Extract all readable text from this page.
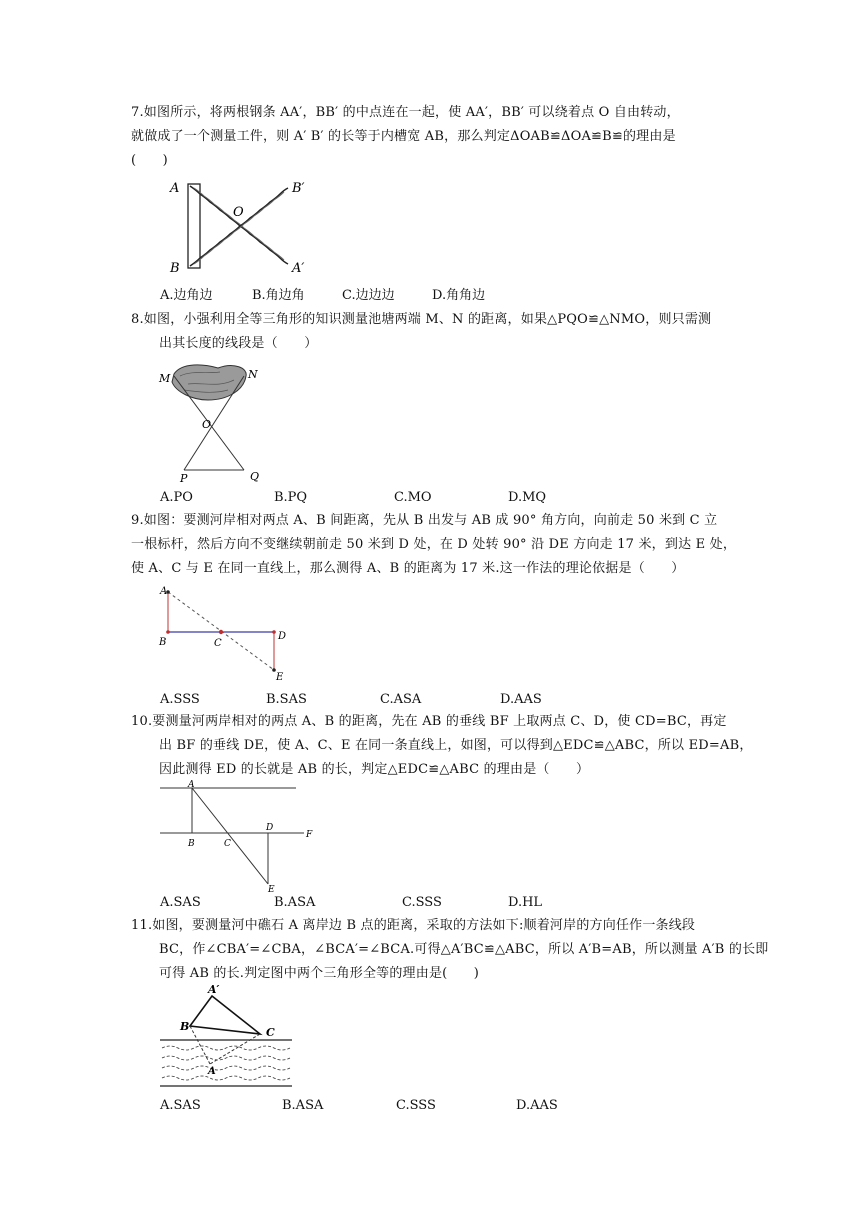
7.如图所示，将两根钢条 AA′，BB′ 的中点连在一起，使 AA′，BB′ 可以绕着点 O 自由转动，
就做成了一个测量工件，则 A′ B′ 的长等于内槽宽 AB，那么判定ΔOAB≌ΔOA≌B≌的理由是
(　　)
A
B
O
B′
A′
A.边角边	B.角边角	C.边边边	D.角角边
8.如图，小强利用全等三角形的知识测量池塘两端 M、N 的距离，如果△PQO≌△NMO，则只需测
出其长度的线段是（　　）
M	N
O
P	Q
A.PO	B.PQ	C.MO	D.MQ
9.如图：要测河岸相对两点 A、B 间距离，先从 B 出发与 AB 成 90° 角方向，向前走 50 米到 C 立
一根标杆，然后方向不变继续朝前走 50 米到 D 处，在 D 处转 90° 沿 DE 方向走 17 米，到达 E 处，
使 A、C 与 E 在同一直线上，那么测得 A、B 的距离为 17 米.这一作法的理论依据是（　　）
A
B	C
D
E
A.SSS	B.SAS	C.ASA	D.AAS
10.要测量河两岸相对的两点 A、B 的距离，先在 AB 的垂线 BF 上取两点 C、D，使 CD=BC，再定
出 BF 的垂线 DE，使 A、C、E 在同一条直线上，如图，可以得到△EDC≌△ABC，所以 ED=AB，
因此测得 ED 的长就是 AB 的长，判定△EDC≌△ABC 的理由是（　　）
A
B	C
D
F
E
A.SAS	B.ASA	C.SSS	D.HL
11.如图，要测量河中礁石 A 离岸边 B 点的距离，采取的方法如下:顺着河岸的方向任作一条线段
BC，作∠CBA′=∠CBA，∠BCA′=∠BCA.可得△A′BC≌△ABC，所以 A′B=AB，所以测量 A′B 的长即
可得 AB 的长.判定图中两个三角形全等的理由是(　　)
A′
B	C
A
A.SAS	B.ASA	C.SSS	D.AAS
